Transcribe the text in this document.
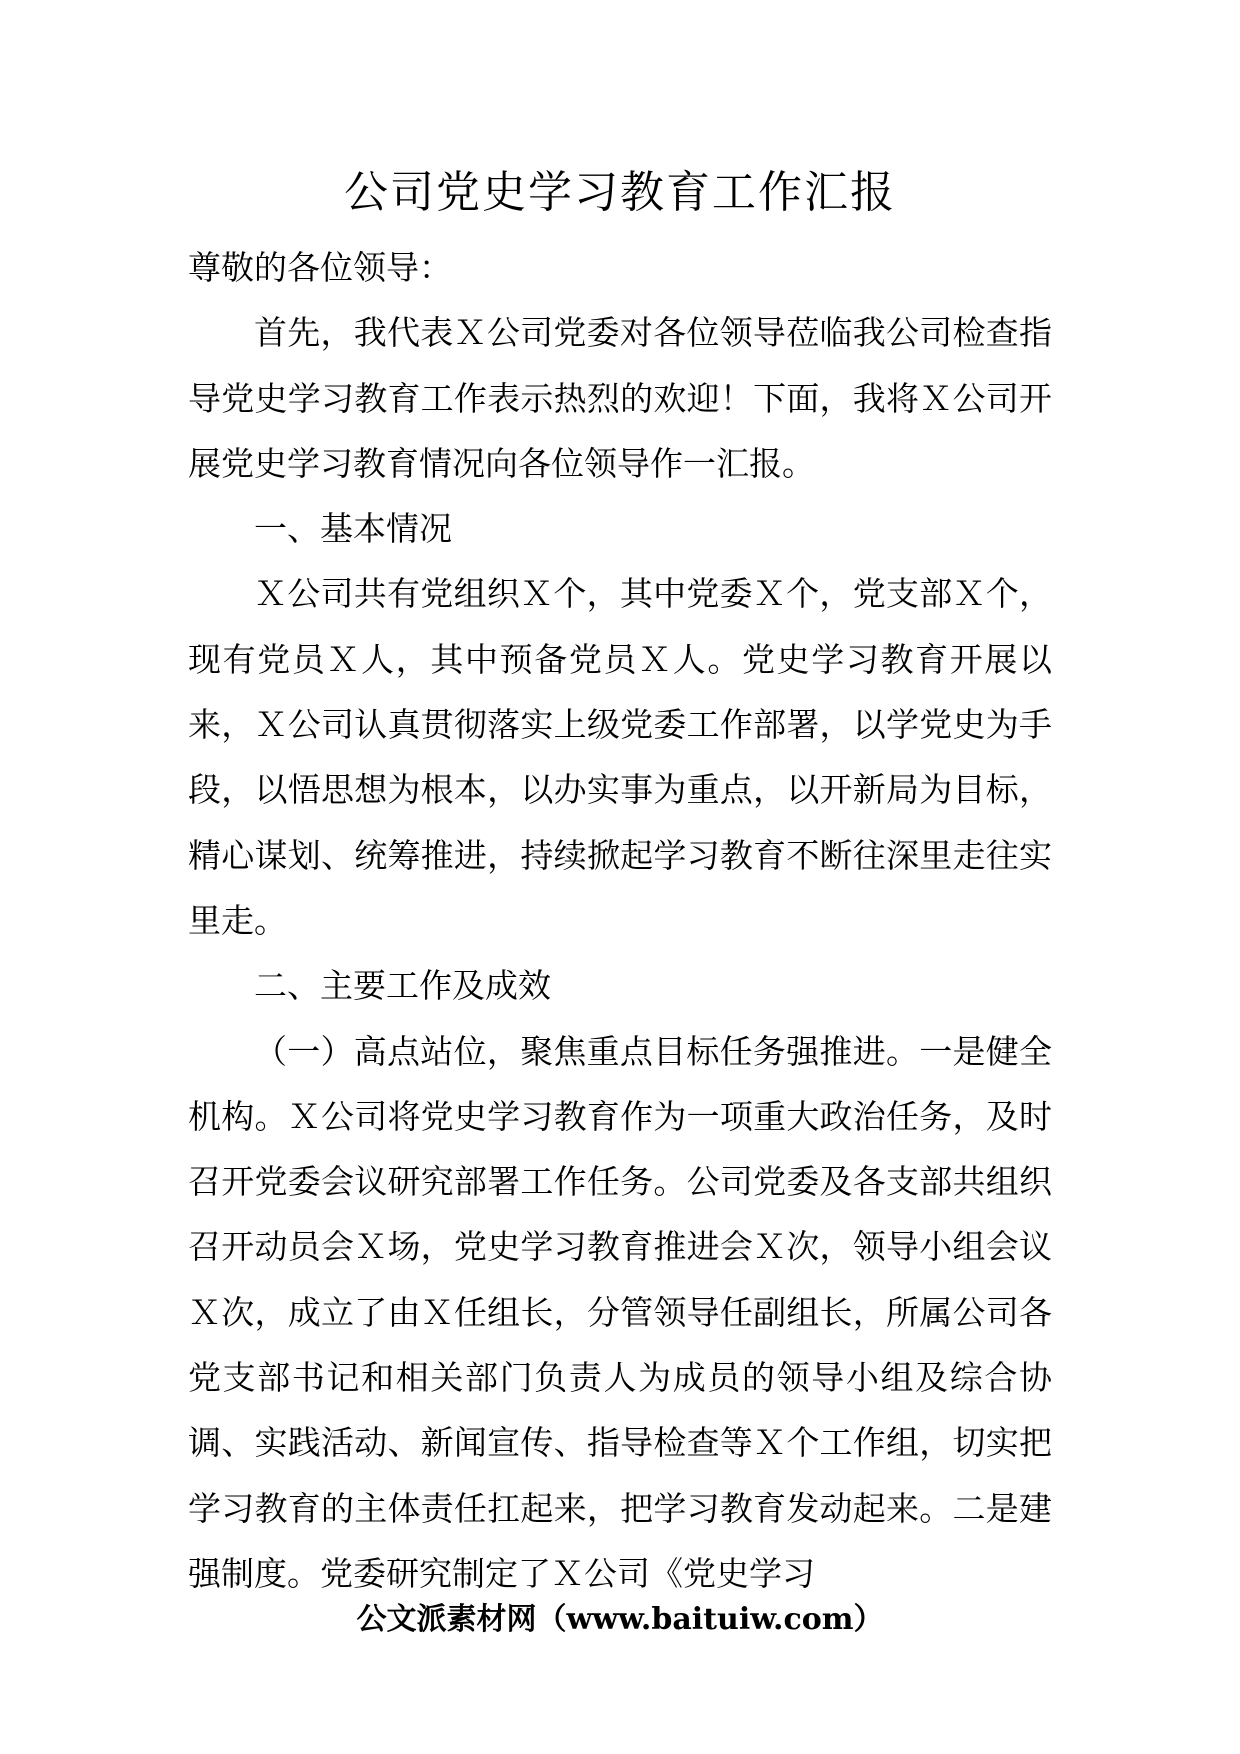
公司党史学习教育工作汇报

尊敬的各位领导：

首先，我代表Ｘ公司党委对各位领导莅临我公司检查指导党史学习教育工作表示热烈的欢迎！下面，我将Ｘ公司开展党史学习教育情况向各位领导作一汇报。

一、基本情况

Ｘ公司共有党组织Ｘ个，其中党委Ｘ个，党支部Ｘ个，现有党员Ｘ人，其中预备党员Ｘ人。党史学习教育开展以来，Ｘ公司认真贯彻落实上级党委工作部署，以学党史为手段，以悟思想为根本，以办实事为重点，以开新局为目标，精心谋划、统筹推进，持续掀起学习教育不断往深里走往实里走。

二、主要工作及成效

（一）高点站位，聚焦重点目标任务强推进。一是健全机构。Ｘ公司将党史学习教育作为一项重大政治任务，及时召开党委会议研究部署工作任务。公司党委及各支部共组织召开动员会Ｘ场，党史学习教育推进会Ｘ次，领导小组会议Ｘ次，成立了由Ｘ任组长，分管领导任副组长，所属公司各党支部书记和相关部门负责人为成员的领导小组及综合协调、实践活动、新闻宣传、指导检查等Ｘ个工作组，切实把学习教育的主体责任扛起来，把学习教育发动起来。二是建强制度。党委研究制定了Ｘ公司《党史学习

公文派素材网（www.baituiw.com）
